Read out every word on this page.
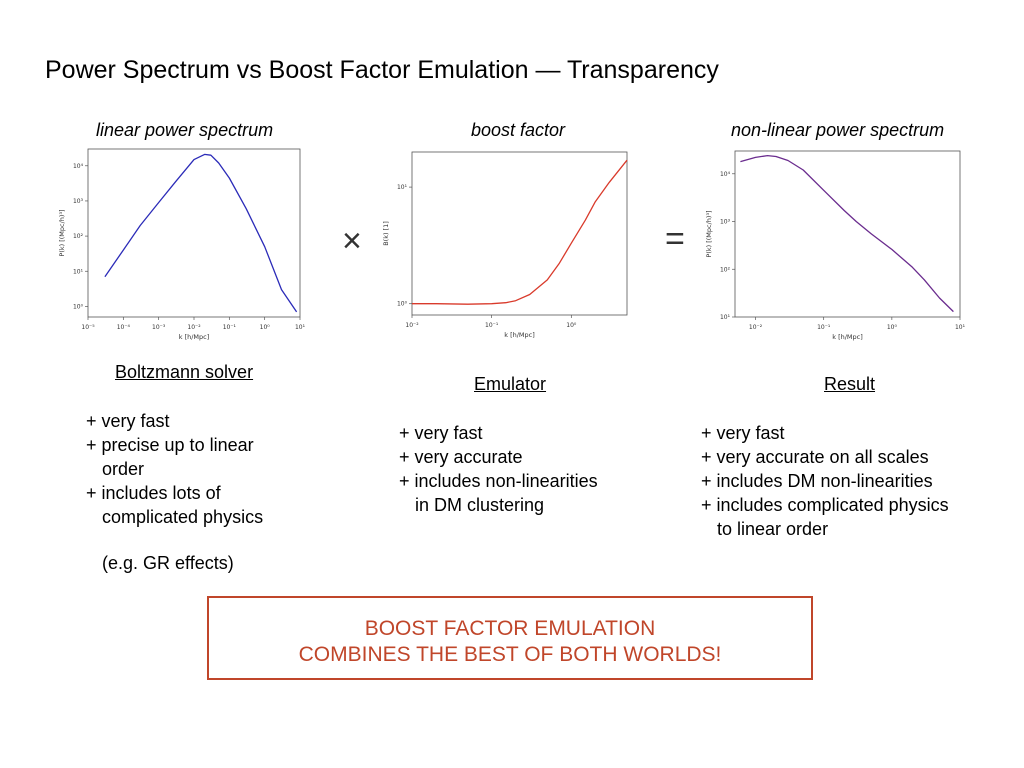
Power Spectrum vs Boost Factor Emulation — Transparency
linear power spectrum	boost factor	non-linear power spectrum
10⁻⁵	10⁻⁴	10⁻³	10⁻²	10⁻¹	10⁰	10¹
10⁰
10¹
10²
10³
10⁴
k [h/Mpc]
P(k) [(Mpc/h)³]
10⁻²	10⁻¹	10⁰
10⁰
10¹
k [h/Mpc]
B(k) [1]
10⁻²	10⁻¹	10⁰	10¹
10¹
10²
10³
10⁴
k [h/Mpc]
P(k) [(Mpc/h)³]
×	=
Boltzmann solver
Emulator	Result
+ very fast
+ precise up to linear
order
+ includes lots of
complicated physics
+ very fast
+ very accurate
+ includes non-linearities
in DM clustering
+ very fast
+ very accurate on all scales
+ includes DM non-linearities
+ includes complicated physics
to linear order
(e.g. GR effects)
BOOST FACTOR EMULATION
COMBINES THE BEST OF BOTH WORLDS!
